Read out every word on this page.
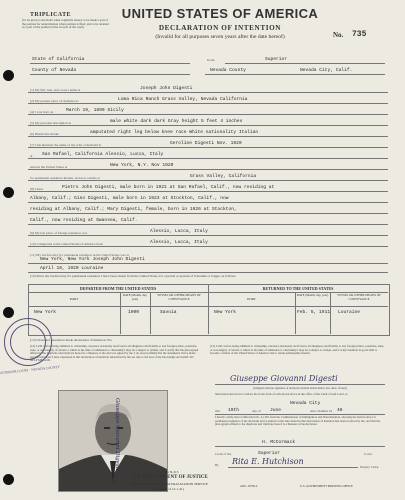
TRIPLICATE
(To be given to declarant when originally issued; to be made a part of the petition for naturalization when petition is filed; and to be retained as a part of the petition in the records of the court)
UNITED STATES OF AMERICA
DECLARATION OF INTENTION
(Invalid for all purposes seven years after the date hereof)	No. 735
State of California
County of Nevada
In the	Superior
Nevada County	Nevada City, Calif.
(1) My full, true, and correct name is	Joseph John Digesti
(2) My present place of residence is	Loma Rica Ranch Grass Valley, Nevada California
(4) I was born on	March 19, 1890 Sicily
(5) My personal description is	male white dark dark Gray height 5 feet 4 inches
(6) Distinctive marks	amputated right leg below knee race White nationality Italian
(7) I am married; the name of my wife or husband is	Geroline Digesti Nov. 1920
at San Rafael, California Alessio, Lucca, Italy
entered the United States at	New York, N.Y. Nov 1920
for permanent residence therein, and now resides at	Grass Valley, California
(8) I have	Pietro John Digesti, male born in 1921 at San Rafael, Calif., now residing at
Albany, Calif.; Gino Digesti, male born in 1923 at Stockton, Calif., now
residing at Albany, Calif.; Mary Digesti, female, born in 1926 at Stockton,
Calif., now residing at Swansea, Calif.
(9) My last place of foreign residence was	Alessio, Lucca, Italy
(10) I emigrated to the United States of America from	Alessio, Lucca, Italy
(11) My lawful entry for permanent residence in the United States was at
New York, New York Joseph John Digesti
April 18, 1920 Louraine
(12) Since my lawful entry for permanent residence I have been absent from the United States, for a period or periods of 6 months or longer, as follows:
DEPARTED FROM THE UNITED STATES	RETURNED TO THE UNITED STATES
PORT
DATE (Month, day, year)
VESSEL OR OTHER MEANS OF CONVEYANCE	PORT
DATE (Month, day, year)	VESSEL OR OTHER MEANS OF CONVEYANCE
New York	1900	Savoia	New York	Feb. 5, 1911 Louraine
(13) I have not heretofore made declaration of intention: No.
(14) I will, before being admitted to citizenship, renounce absolutely and forever all allegiance and fidelity to any foreign prince, potentate, state, or sovereignty of whom or which at the time of admission to citizenship I may be a subject or citizen, and I certify that the photograph affixed to the duplicate and triplicate hereof is a likeness of me and was signed by me. I do swear (affirm) that the statements I have made and the intentions I have expressed in this declaration of intention subscribed by me are true to the best of my knowledge and belief: SO HELP ME GOD.
(15) I will, before being admitted to citizenship, renounce absolutely and forever all allegiance and fidelity to any foreign prince, potentate, state, or sovereignty of whom or which at the time of admission to citizenship I may be a subject or citizen, and it is my intention in good faith to become a citizen of the United States of America and to reside permanently therein.
Giuseppe Giovanni Digesti
(Original and true signature of declarant without abbreviation, also alias, if used)
Subscribed and sworn to before me in the form of oath shown above in the office of the Clerk of said Court, at
Nevada City
this 10th	day of June	anno Domini 19 46
I hereby certify that Certification No. 4-1181 from the Commissioner of Immigration and Naturalization, showing the lawful entry for permanent residence of the declarant above named on the date stated in this declaration of intention has been received by me, and that the photograph affixed to the duplicate and triplicate hereof is a likeness of the declarant.
H. McCormack
Clerk of the	Superior	Court.
By Rita E. Hutchison
Deputy Clerk.
Giuseppe Giovanni Digesti
SUPERIOR COURT · NEVADA COUNTY
Form N-315
U.S. DEPARTMENT OF JUSTICE
IMMIGRATION AND NATURALIZATION SERVICE
(Edition of 12-1-41)
4/60--10736-2	U.S. GOVERNMENT PRINTING OFFICE
